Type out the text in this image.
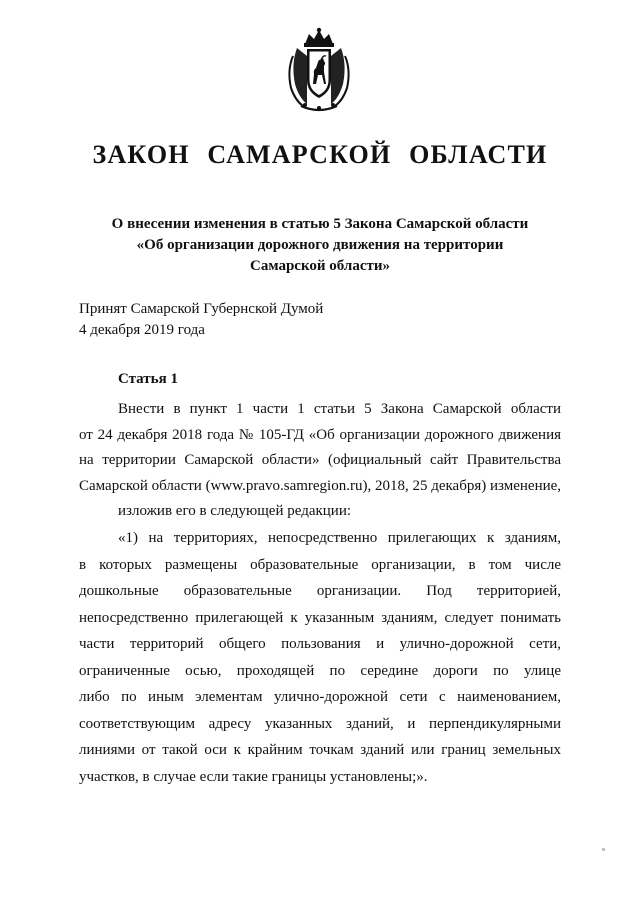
ЗАКОН САМАРСКОЙ ОБЛАСТИ
О внесении изменения в статью 5 Закона Самарской области
«Об организации дорожного движения на территории
Самарской области»
Принят Самарской Губернской Думой
4 декабря 2019 года
Статья 1
Внести в пункт 1 части 1 статьи 5 Закона Самарской области
от 24 декабря 2018 года № 105-ГД «Об организации дорожного движения
на территории Самарской области» (официальный сайт Правительства
Самарской области (www.pravo.samregion.ru), 2018, 25 декабря) изменение,
изложив его в следующей редакции:
«1) на территориях, непосредственно прилегающих к зданиям,
в которых размещены образовательные организации, в том числе
дошкольные образовательные организации. Под территорией,
непосредственно прилегающей к указанным зданиям, следует понимать
части территорий общего пользования и улично-дорожной сети,
ограниченные осью, проходящей по середине дороги по улице
либо по иным элементам улично-дорожной сети с наименованием,
соответствующим адресу указанных зданий, и перпендикулярными
линиями от такой оси к крайним точкам зданий или границ земельных
участков, в случае если такие границы установлены;».
